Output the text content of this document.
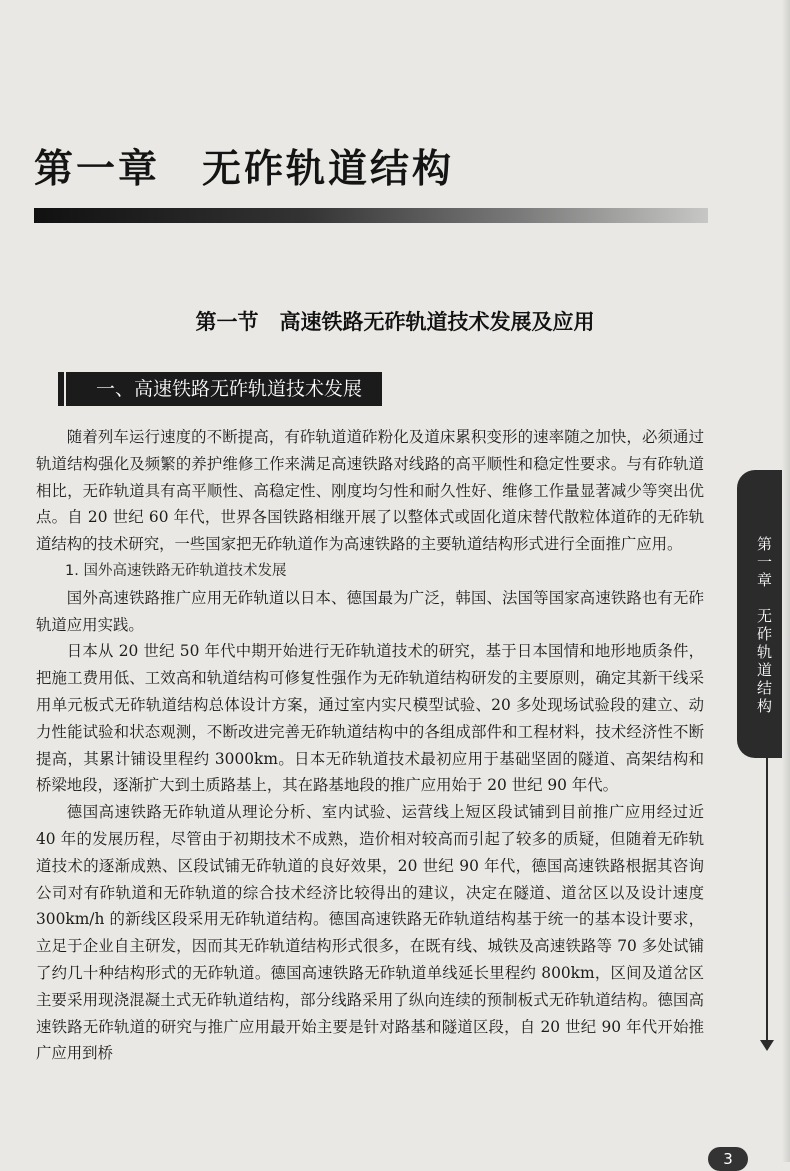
第一章　无砟轨道结构
第一节　高速铁路无砟轨道技术发展及应用
一、高速铁路无砟轨道技术发展

随着列车运行速度的不断提高，有砟轨道道砟粉化及道床累积变形的速率随之加快，必须通过轨道结构强化及频繁的养护维修工作来满足高速铁路对线路的高平顺性和稳定性要求。与有砟轨道相比，无砟轨道具有高平顺性、高稳定性、刚度均匀性和耐久性好、维修工作量显著减少等突出优点。自 20 世纪 60 年代，世界各国铁路相继开展了以整体式或固化道床替代散粒体道砟的无砟轨道结构的技术研究，一些国家把无砟轨道作为高速铁路的主要轨道结构形式进行全面推广应用。

1. 国外高速铁路无砟轨道技术发展

国外高速铁路推广应用无砟轨道以日本、德国最为广泛，韩国、法国等国家高速铁路也有无砟轨道应用实践。

日本从 20 世纪 50 年代中期开始进行无砟轨道技术的研究，基于日本国情和地形地质条件，把施工费用低、工效高和轨道结构可修复性强作为无砟轨道结构研发的主要原则，确定其新干线采用单元板式无砟轨道结构总体设计方案，通过室内实尺模型试验、20 多处现场试验段的建立、动力性能试验和状态观测，不断改进完善无砟轨道结构中的各组成部件和工程材料，技术经济性不断提高，其累计铺设里程约 3000km。日本无砟轨道技术最初应用于基础坚固的隧道、高架结构和桥梁地段，逐渐扩大到土质路基上，其在路基地段的推广应用始于 20 世纪 90 年代。

德国高速铁路无砟轨道从理论分析、室内试验、运营线上短区段试铺到目前推广应用经过近 40 年的发展历程，尽管由于初期技术不成熟，造价相对较高而引起了较多的质疑，但随着无砟轨道技术的逐渐成熟、区段试铺无砟轨道的良好效果，20 世纪 90 年代，德国高速铁路根据其咨询公司对有砟轨道和无砟轨道的综合技术经济比较得出的建议，决定在隧道、道岔区以及设计速度 300km/h 的新线区段采用无砟轨道结构。德国高速铁路无砟轨道结构基于统一的基本设计要求，立足于企业自主研发，因而其无砟轨道结构形式很多，在既有线、城铁及高速铁路等 70 多处试铺了约几十种结构形式的无砟轨道。德国高速铁路无砟轨道单线延长里程约 800km，区间及道岔区主要采用现浇混凝土式无砟轨道结构，部分线路采用了纵向连续的预制板式无砟轨道结构。德国高速铁路无砟轨道的研究与推广应用最开始主要是针对路基和隧道区段，自 20 世纪 90 年代开始推广应用到桥

第一章　无砟轨道结构
3
